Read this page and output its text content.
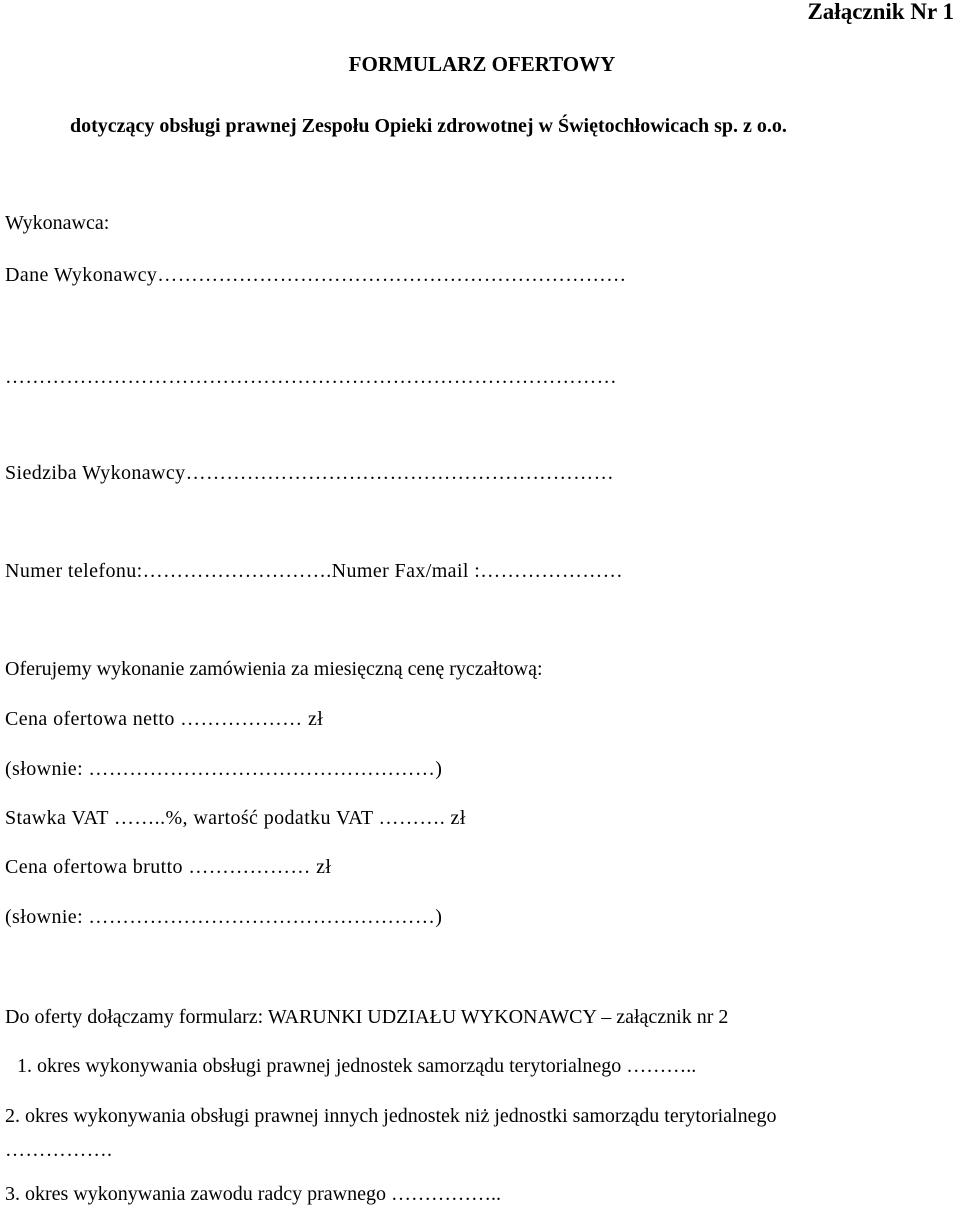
Załącznik Nr 1

FORMULARZ OFERTOWY

dotyczący obsługi prawnej Zespołu Opieki zdrowotnej w Świętochłowicach sp. z o.o.

Wykonawca:

Dane Wykonawcy……………………………………………………………

………………………………………………………………………………

Siedziba Wykonawcy………………………………………………………

Numer telefonu:……………………….Numer Fax/mail :…………………

Oferujemy wykonanie zamówienia za miesięczną cenę ryczałtową:

Cena ofertowa netto ……………… zł

(słownie: ……………………………………………)

Stawka VAT ……..%, wartość podatku VAT ………. zł

Cena ofertowa brutto ……………… zł

(słownie: ……………………………………………)

Do oferty dołączamy formularz: WARUNKI UDZIAŁU WYKONAWCY – załącznik nr 2

1. okres wykonywania obsługi prawnej jednostek samorządu terytorialnego ………..

2. okres wykonywania obsługi prawnej innych jednostek niż jednostki samorządu terytorialnego

…………….

3. okres wykonywania zawodu radcy prawnego ……………..
